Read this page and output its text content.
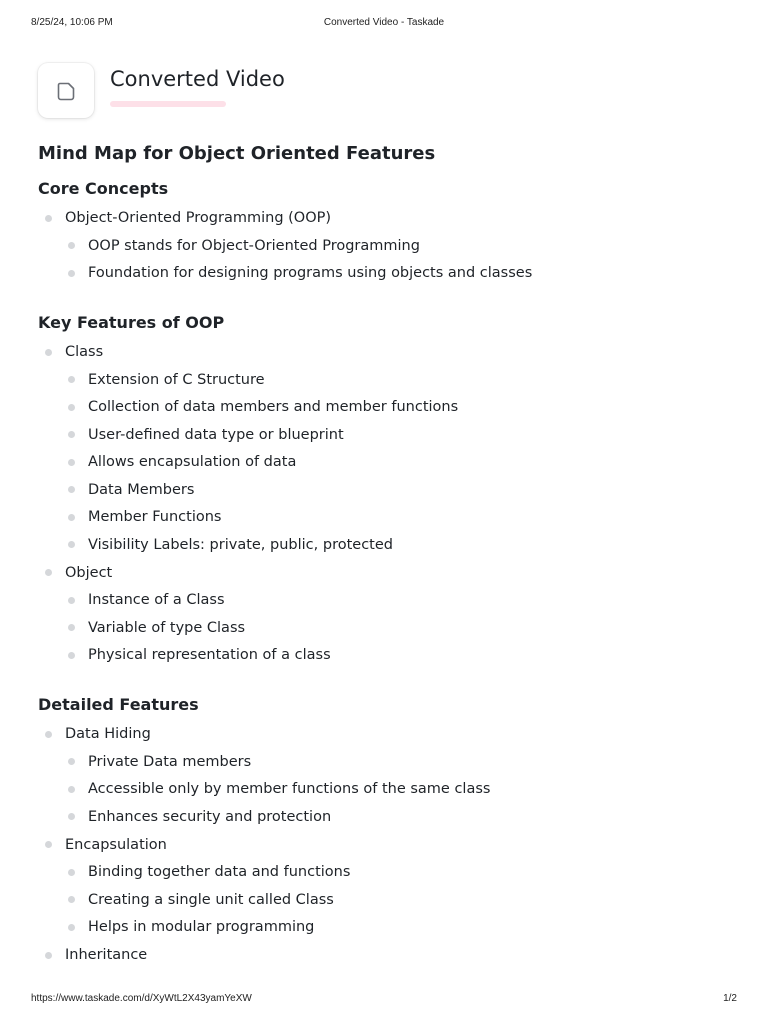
8/25/24, 10:06 PM	Converted Video - Taskade
Converted Video
Mind Map for Object Oriented Features
Core Concepts
Object-Oriented Programming (OOP)
OOP stands for Object-Oriented Programming
Foundation for designing programs using objects and classes
Key Features of OOP
Class
Extension of C Structure
Collection of data members and member functions
User-defined data type or blueprint
Allows encapsulation of data
Data Members
Member Functions
Visibility Labels: private, public, protected
Object
Instance of a Class
Variable of type Class
Physical representation of a class
Detailed Features
Data Hiding
Private Data members
Accessible only by member functions of the same class
Enhances security and protection
Encapsulation
Binding together data and functions
Creating a single unit called Class
Helps in modular programming
Inheritance
https://www.taskade.com/d/XyWtL2X43yamYeXW	1/2
